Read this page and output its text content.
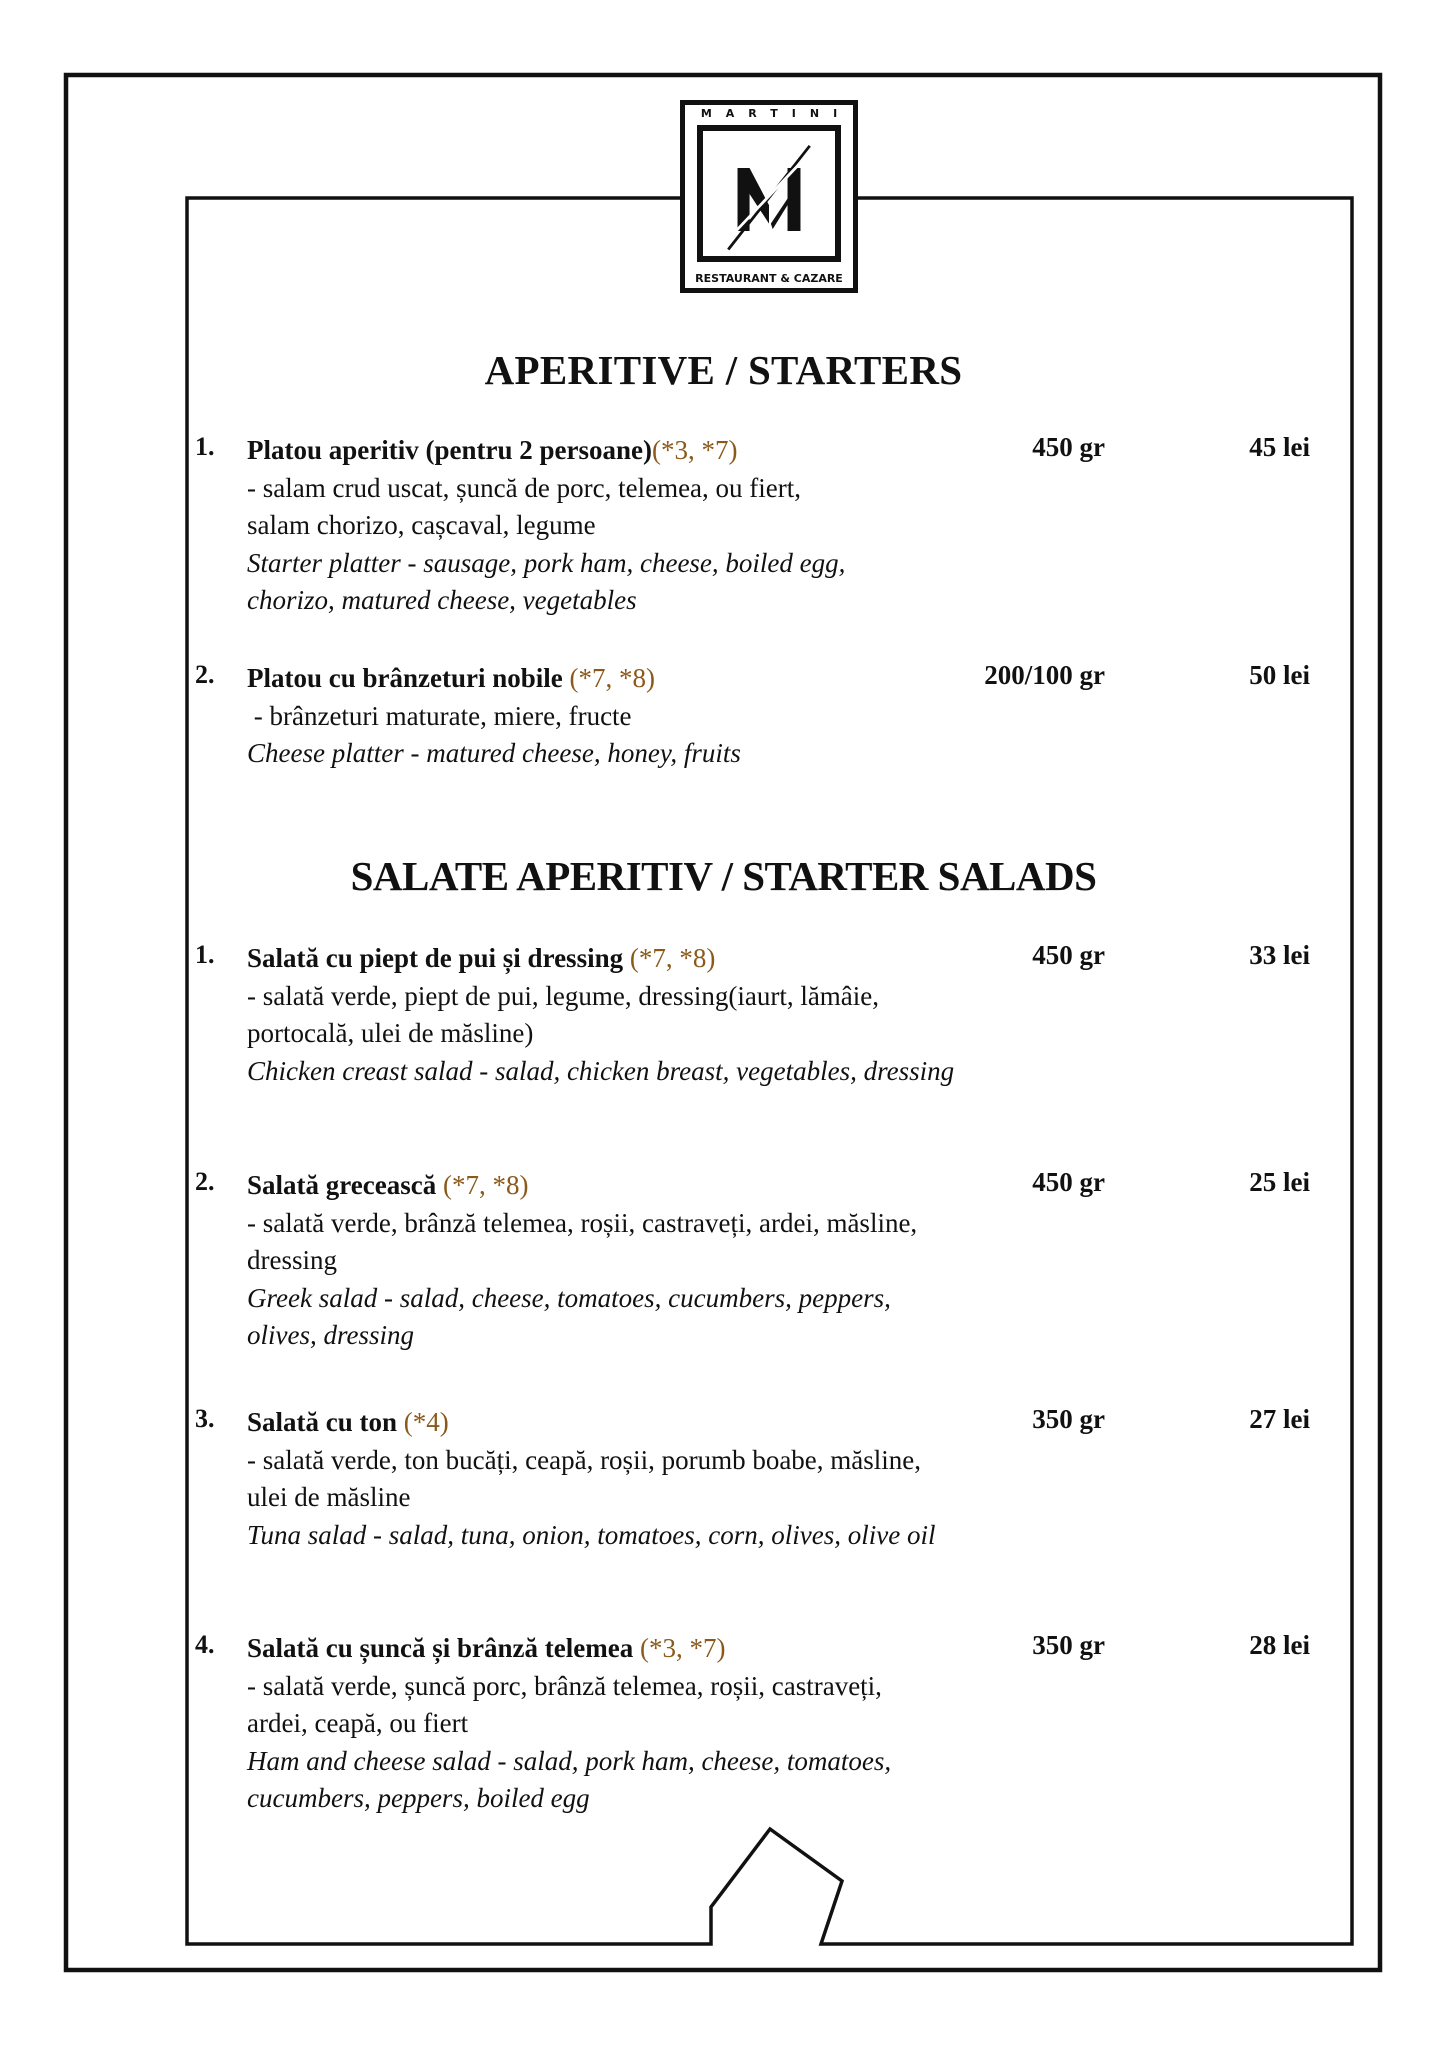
MARTINI
RESTAURANT & CAZARE
APERITIVE / STARTERS
1. Platou aperitiv (pentru 2 persoane)(*3, *7)
- salam crud uscat, șuncă de porc, telemea, ou fiert, salam chorizo, cașcaval, legume
Starter platter - sausage, pork ham, cheese, boiled egg, chorizo, matured cheese, vegetables
450 gr	45 lei
2. Platou cu brânzeturi nobile (*7, *8)
- brânzeturi maturate, miere, fructe
Cheese platter - matured cheese, honey, fruits
200/100 gr	50 lei
SALATE APERITIV / STARTER SALADS
1. Salată cu piept de pui și dressing (*7, *8)
- salată verde, piept de pui, legume, dressing(iaurt, lămâie, portocală, ulei de măsline)
Chicken creast salad - salad, chicken breast, vegetables, dressing
450 gr	33 lei
2. Salată grecească (*7, *8)
- salată verde, brânză telemea, roșii, castraveți, ardei, măsline, dressing
Greek salad - salad, cheese, tomatoes, cucumbers, peppers, olives, dressing
450 gr	25 lei
3. Salată cu ton (*4)
- salată verde, ton bucăți, ceapă, roșii, porumb boabe, măsline, ulei de măsline
Tuna salad - salad, tuna, onion, tomatoes, corn, olives, olive oil
350 gr	27 lei
4. Salată cu șuncă și brânză telemea (*3, *7)
- salată verde, șuncă porc, brânză telemea, roșii, castraveți, ardei, ceapă, ou fiert
Ham and cheese salad - salad, pork ham, cheese, tomatoes, cucumbers, peppers, boiled egg
350 gr	28 lei
